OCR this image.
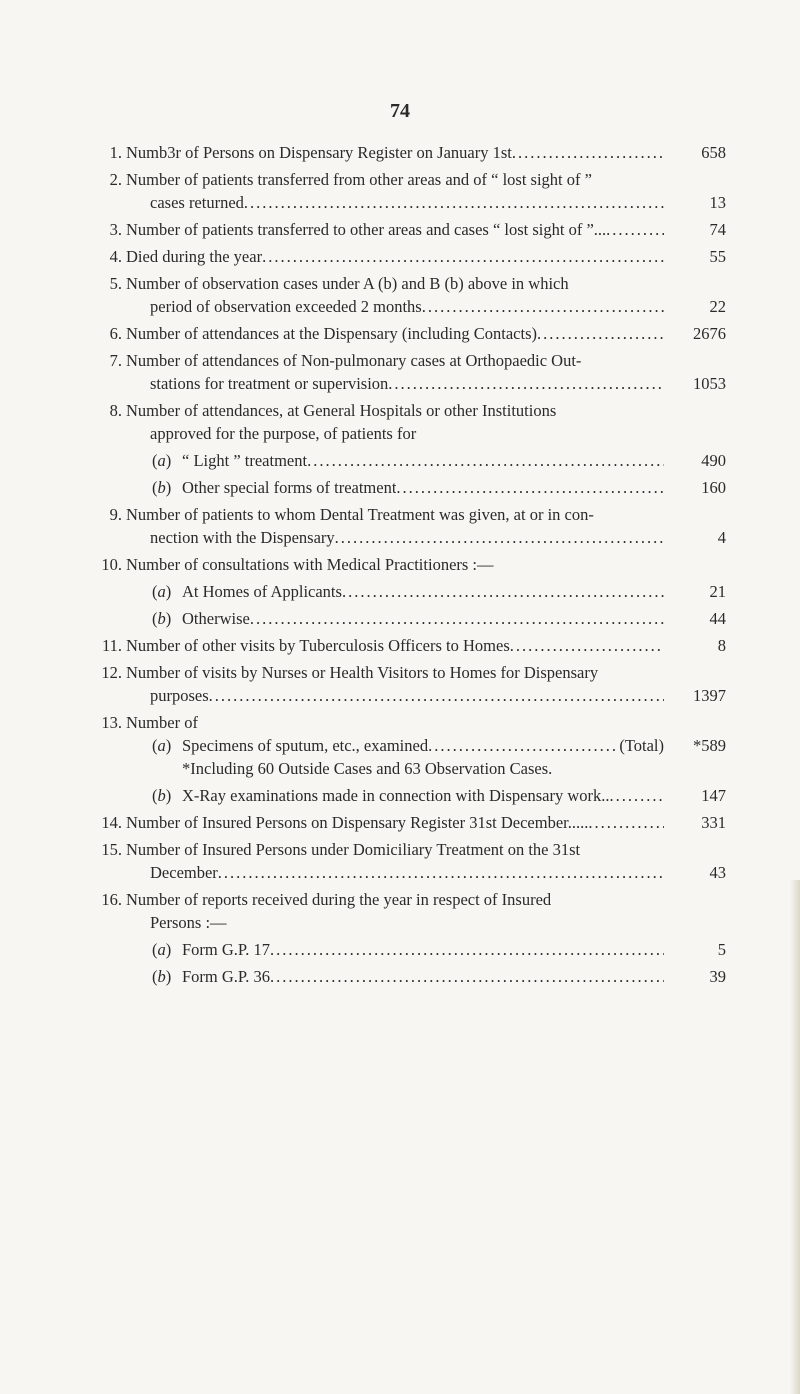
74
1. Numb3r of Persons on Dispensary Register on January 1st .....	658
2. Number of patients transferred from other areas and of “ lost sight of ”
cases returned .....	13
3. Number of patients transferred to other areas and cases “ lost sight of ”... .....	74
4. Died during the year .....	55
5. Number of observation cases under A (b) and B (b) above in which
period of observation exceeded 2 months .....	22
6. Number of attendances at the Dispensary (including Contacts) .....	2676
7. Number of attendances of Non-pulmonary cases at Orthopaedic Out-
stations for treatment or supervision .....	1053
8. Number of attendances, at General Hospitals or other Institutions
approved for the purpose, of patients for
(a) “ Light ” treatment .....	490
(b) Other special forms of treatment .....	160
9. Number of patients to whom Dental Treatment was given, at or in con-
nection with the Dispensary .....	4
10. Number of consultations with Medical Practitioners :—
(a) At Homes of Applicants .....	21
(b) Otherwise .....	44
11. Number of other visits by Tuberculosis Officers to Homes .....	8
12. Number of visits by Nurses or Health Visitors to Homes for Dispensary
purposes .....	1397
13. Number of
(a) Specimens of sputum, etc., examined .....	(Total)	*589
*Including 60 Outside Cases and 63 Observation Cases.
(b) X-Ray examinations made in connection with Dispensary work.. .....	147
14. Number of Insured Persons on Dispensary Register 31st December..... .....	331
15. Number of Insured Persons under Domiciliary Treatment on the 31st
December .....	43
16. Number of reports received during the year in respect of Insured
Persons :—
(a) Form G.P. 17 .....	5
(b) Form G.P. 36 .....	39
